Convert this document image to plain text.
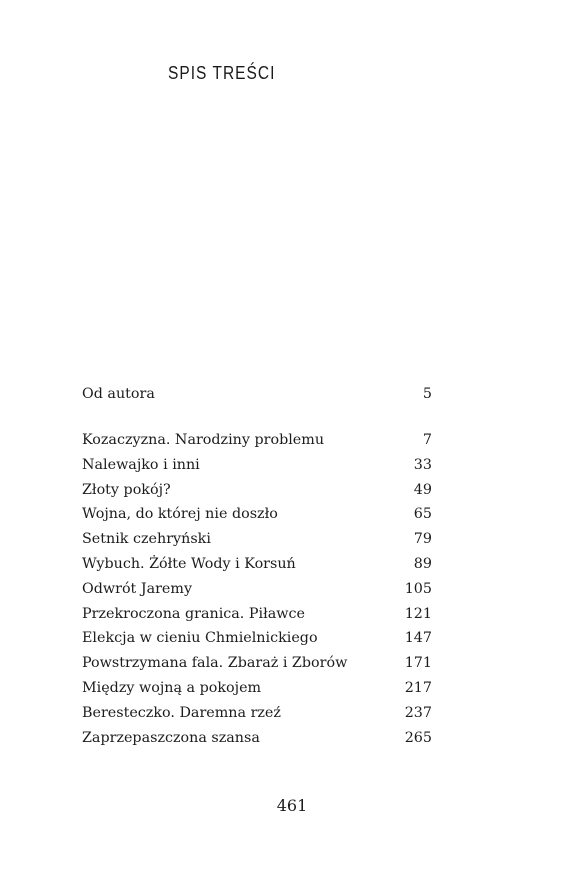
SPIS TREŚCI
Od autora	5
Kozaczyzna. Narodziny problemu	7
Nalewajko i inni	33
Złoty pokój?	49
Wojna, do której nie doszło	65
Setnik czehryński	79
Wybuch. Żółte Wody i Korsuń	89
Odwrót Jaremy	105
Przekroczona granica. Piławce	121
Elekcja w cieniu Chmielnickiego	147
Powstrzymana fala. Zbaraż i Zborów	171
Między wojną a pokojem	217
Beresteczko. Daremna rzeź	237
Zaprzepaszczona szansa	265
461
